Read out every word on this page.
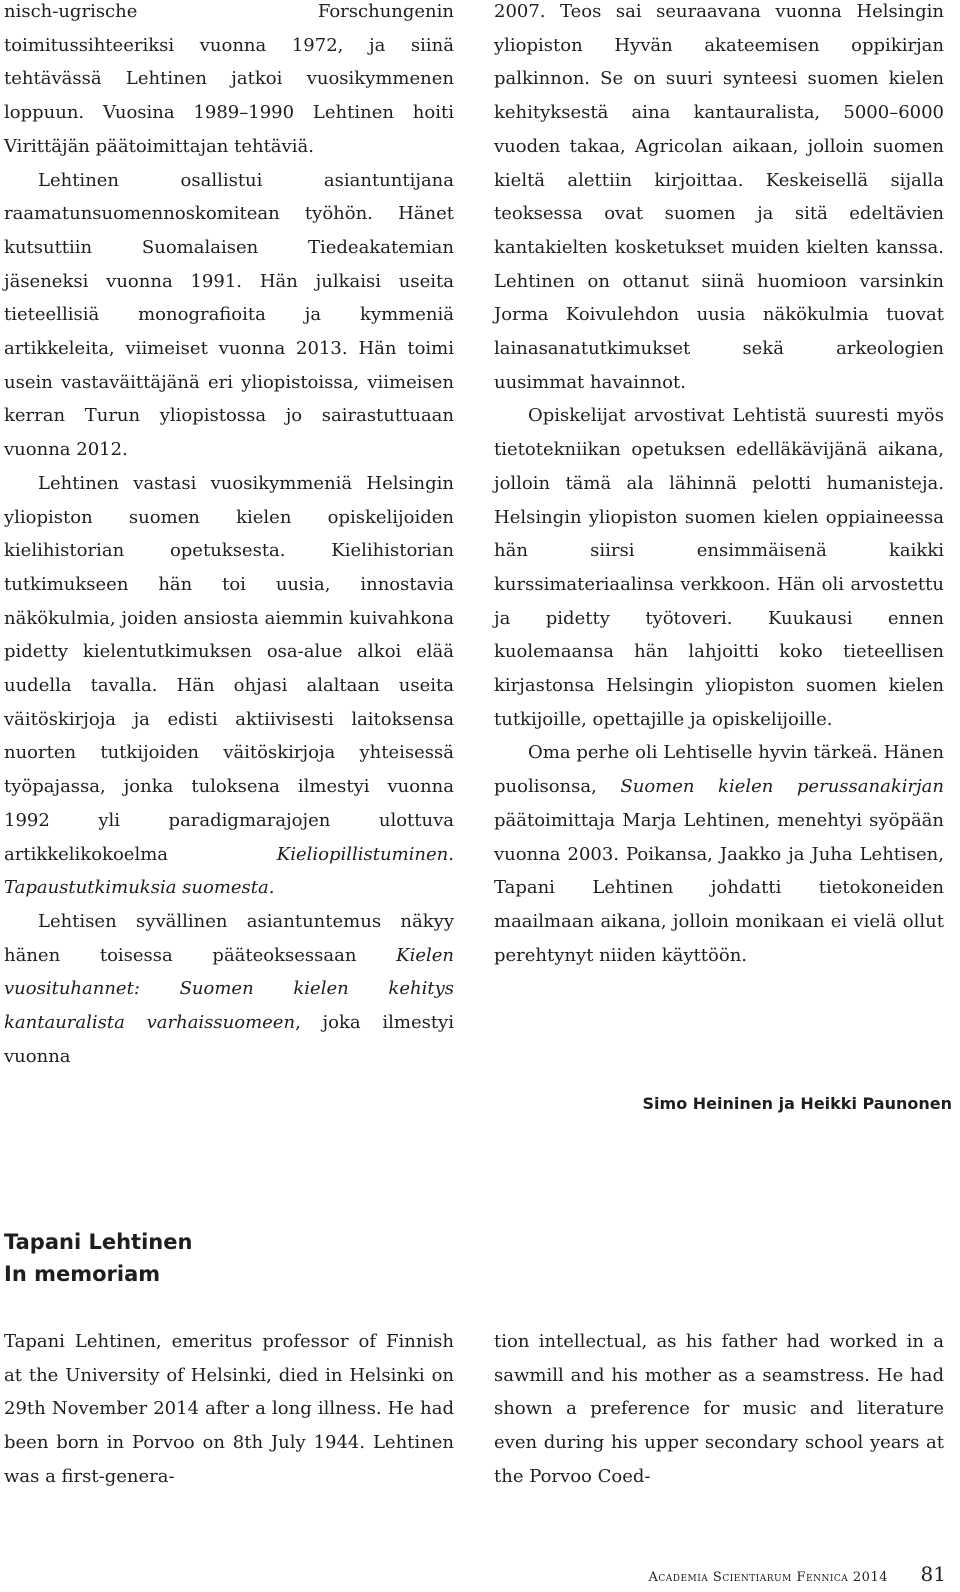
nisch-ugrische Forschungenin toimitussihteeriksi vuonna 1972, ja siinä tehtävässä Lehtinen jatkoi vuosikymmenen loppuun. Vuosina 1989–1990 Lehtinen hoiti Virittäjän päätoimittajan tehtäviä.

Lehtinen osallistui asiantuntijana raamatunsuomennoskomitean työhön. Hänet kutsuttiin Suomalaisen Tiedeakatemian jäseneksi vuonna 1991. Hän julkaisi useita tieteellisiä monografioita ja kymmeniä artikkeleita, viimeiset vuonna 2013. Hän toimi usein vastaväittäjänä eri yliopistoissa, viimeisen kerran Turun yliopistossa jo sairastuttuaan vuonna 2012.

Lehtinen vastasi vuosikymmeniä Helsingin yliopiston suomen kielen opiskelijoiden kielihistorian opetuksesta. Kielihistorian tutkimukseen hän toi uusia, innostavia näkökulmia, joiden ansiosta aiemmin kuivahkona pidetty kielentutkimuksen osa-alue alkoi elää uudella tavalla. Hän ohjasi alaltaan useita väitöskirjoja ja edisti aktiivisesti laitoksensa nuorten tutkijoiden väitöskirjoja yhteisessä työpajassa, jonka tuloksena ilmestyi vuonna 1992 yli paradigmarajojen ulottuva artikkelikokoelma Kieliopillistuminen. Tapaustutkimuksia suomesta.

Lehtisen syvällinen asiantuntemus näkyy hänen toisessa pääteoksessaan Kielen vuosituhannet: Suomen kielen kehitys kantauralista varhaissuomeen, joka ilmestyi vuonna

2007. Teos sai seuraavana vuonna Helsingin yliopiston Hyvän akateemisen oppikirjan palkinnon. Se on suuri synteesi suomen kielen kehityksestä aina kantauralista, 5000–6000 vuoden takaa, Agricolan aikaan, jolloin suomen kieltä alettiin kirjoittaa. Keskeisellä sijalla teoksessa ovat suomen ja sitä edeltävien kantakielten kosketukset muiden kielten kanssa. Lehtinen on ottanut siinä huomioon varsinkin Jorma Koivulehdon uusia näkökulmia tuovat lainasanatutkimukset sekä arkeologien uusimmat havainnot.

Opiskelijat arvostivat Lehtistä suuresti myös tietotekniikan opetuksen edelläkävijänä aikana, jolloin tämä ala lähinnä pelotti humanisteja. Helsingin yliopiston suomen kielen oppiaineessa hän siirsi ensimmäisenä kaikki kurssimateriaalinsa verkkoon. Hän oli arvostettu ja pidetty työtoveri. Kuukausi ennen kuolemaansa hän lahjoitti koko tieteellisen kirjastonsa Helsingin yliopiston suomen kielen tutkijoille, opettajille ja opiskelijoille.

Oma perhe oli Lehtiselle hyvin tärkeä. Hänen puolisonsa, Suomen kielen perussanakirjan päätoimittaja Marja Lehtinen, menehtyi syöpään vuonna 2003. Poikansa, Jaakko ja Juha Lehtisen, Tapani Lehtinen johdatti tietokoneiden maailmaan aikana, jolloin monikaan ei vielä ollut perehtynyt niiden käyttöön.

Simo Heininen ja Heikki Paunonen

Tapani Lehtinen
In memoriam

Tapani Lehtinen, emeritus professor of Finnish at the University of Helsinki, died in Helsinki on 29th November 2014 after a long illness. He had been born in Porvoo on 8th July 1944. Lehtinen was a first-genera-

tion intellectual, as his father had worked in a sawmill and his mother as a seamstress. He had shown a preference for music and literature even during his upper secondary school years at the Porvoo Coed-

Academia Scientiarum Fennica 2014 81
